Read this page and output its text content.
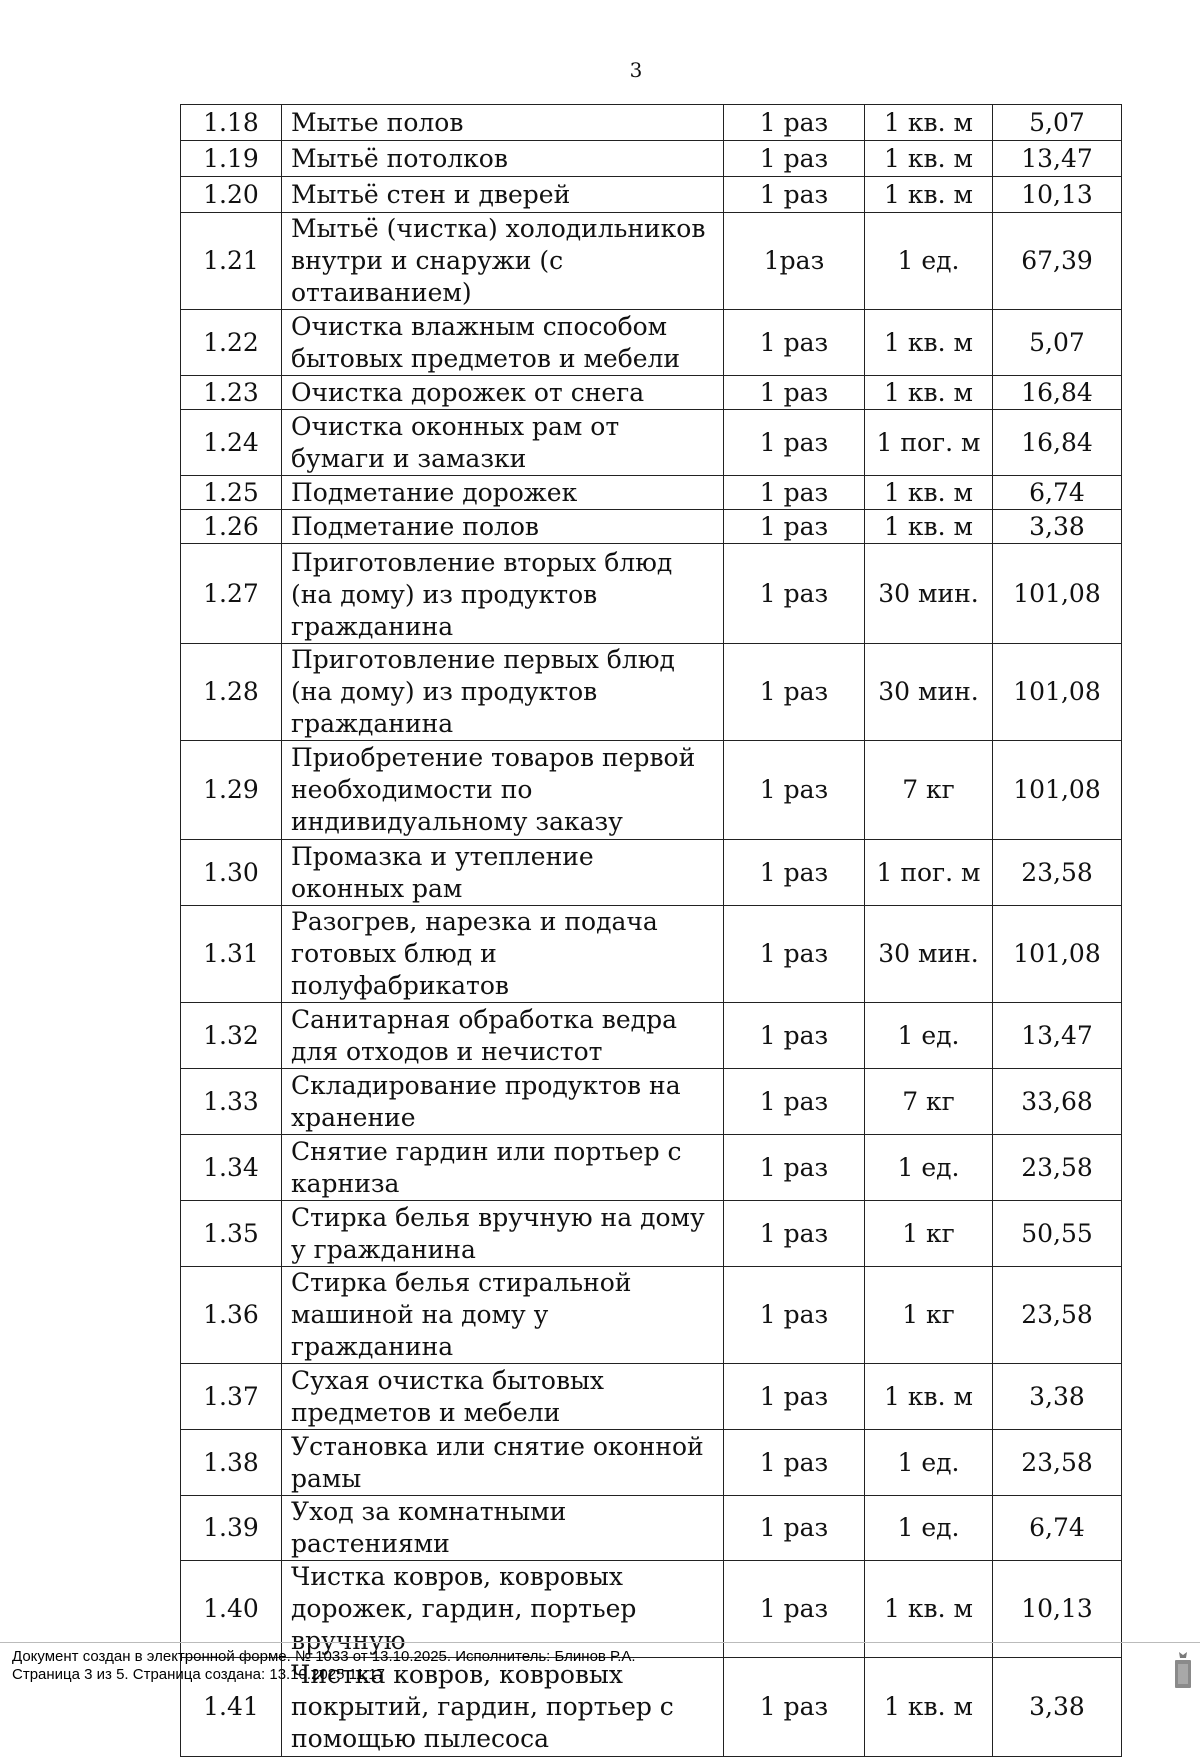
3
1.18	Мытье полов	1 раз	1 кв. м	5,07
1.19	Мытьё потолков	1 раз	1 кв. м	13,47
1.20	Мытьё стен и дверей	1 раз	1 кв. м	10,13
1.21	Мытьё (чистка) холодильников внутри и снаружи (с оттаиванием)	1раз	1 ед.	67,39
1.22	Очистка влажным способом бытовых предметов и мебели	1 раз	1 кв. м	5,07
1.23	Очистка дорожек от снега	1 раз	1 кв. м	16,84
1.24	Очистка оконных рам от бумаги и замазки	1 раз	1 пог. м	16,84
1.25	Подметание дорожек	1 раз	1 кв. м	6,74
1.26	Подметание полов	1 раз	1 кв. м	3,38
1.27	Приготовление вторых блюд (на дому) из продуктов гражданина	1 раз	30 мин.	101,08
1.28	Приготовление первых блюд (на дому) из продуктов гражданина	1 раз	30 мин.	101,08
1.29	Приобретение товаров первой необходимости по индивидуальному заказу	1 раз	7 кг	101,08
1.30	Промазка и утепление оконных рам	1 раз	1 пог. м	23,58
1.31	Разогрев, нарезка и подача готовых блюд и полуфабрикатов	1 раз	30 мин.	101,08
1.32	Санитарная обработка ведра для отходов и нечистот	1 раз	1 ед.	13,47
1.33	Складирование продуктов на хранение	1 раз	7 кг	33,68
1.34	Снятие гардин или портьер с карниза	1 раз	1 ед.	23,58
1.35	Стирка белья вручную на дому у гражданина	1 раз	1 кг	50,55
1.36	Стирка белья стиральной машиной на дому у гражданина	1 раз	1 кг	23,58
1.37	Сухая очистка бытовых предметов и мебели	1 раз	1 кв. м	3,38
1.38	Установка или снятие оконной рамы	1 раз	1 ед.	23,58
1.39	Уход за комнатными растениями	1 раз	1 ед.	6,74
1.40	Чистка ковров, ковровых дорожек, гардин, портьер вручную	1 раз	1 кв. м	10,13
1.41	Чистка ковров, ковровых покрытий, гардин, портьер с помощью пылесоса	1 раз	1 кв. м	3,38
Документ создан в электронной форме. № 1033 от 13.10.2025. Исполнитель: Блинов Р.А.
Страница 3 из 5. Страница создана: 13.10.2025 11:17
